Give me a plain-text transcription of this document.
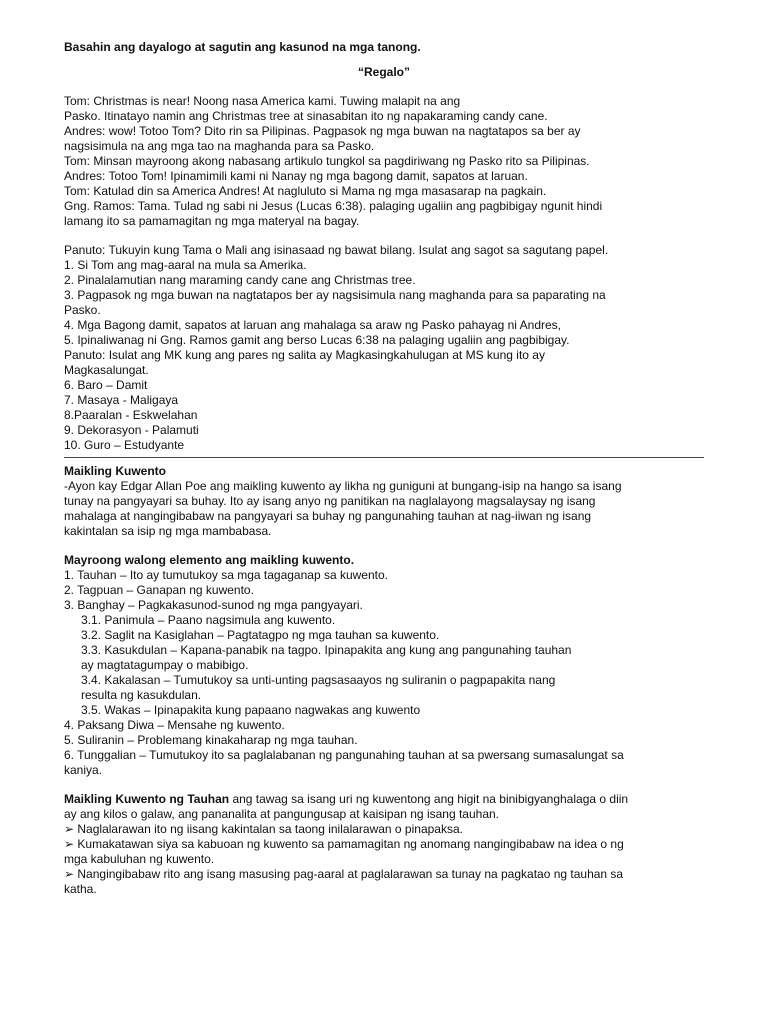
Basahin ang dayalogo at sagutin ang kasunod na mga tanong.
“Regalo”
Tom: Christmas is near! Noong nasa America kami. Tuwing malapit na ang
Pasko. Itinatayo namin ang Christmas tree at sinasabitan ito ng napakaraming candy cane.
Andres: wow! Totoo Tom? Dito rin sa Pilipinas. Pagpasok ng mga buwan na nagtatapos sa ber ay
nagsisimula na ang mga tao na maghanda para sa Pasko.
Tom: Minsan mayroong akong nabasang artikulo tungkol sa pagdiriwang ng Pasko rito sa Pilipinas.
Andres: Totoo Tom! Ipinamimili kami ni Nanay ng mga bagong damit, sapatos at laruan.
Tom: Katulad din sa America Andres! At nagluluto si Mama ng mga masasarap na pagkain.
Gng. Ramos: Tama. Tulad ng sabi ni Jesus (Lucas 6:38). palaging ugaliin ang pagbibigay ngunit hindi
lamang ito sa pamamagitan ng mga materyal na bagay.
Panuto: Tukuyin kung Tama o Mali ang isinasaad ng bawat bilang. Isulat ang sagot sa sagutang papel.
1. Si Tom ang mag-aaral na mula sa Amerika.
2. Pinalalamutian nang maraming candy cane ang Christmas tree.
3. Pagpasok ng mga buwan na nagtatapos ber ay nagsisimula nang maghanda para sa paparating na
Pasko.
4. Mga Bagong damit, sapatos at laruan ang mahalaga sa araw ng Pasko pahayag ni Andres,
5. Ipinaliwanag ni Gng. Ramos gamit ang berso Lucas 6:38 na palaging ugaliin ang pagbibigay.
Panuto: Isulat ang MK kung ang pares ng salita ay Magkasingkahulugan at MS kung ito ay
Magkasalungat.
6. Baro – Damit
7. Masaya - Maligaya
8.Paaralan - Eskwelahan
9. Dekorasyon - Palamuti
10. Guro – Estudyante
Maikling Kuwento
-Ayon kay Edgar Allan Poe ang maikling kuwento ay likha ng guniguni at bungang-isip na hango sa isang
tunay na pangyayari sa buhay. Ito ay isang anyo ng panitikan na naglalayong magsalaysay ng isang
mahalaga at nangingibabaw na pangyayari sa buhay ng pangunahing tauhan at nag-iiwan ng isang
kakintalan sa isip ng mga mambabasa.
Mayroong walong elemento ang maikling kuwento.
1. Tauhan – Ito ay tumutukoy sa mga tagaganap sa kuwento.
2. Tagpuan – Ganapan ng kuwento.
3. Banghay – Pagkakasunod-sunod ng mga pangyayari.
3.1. Panimula – Paano nagsimula ang kuwento.
3.2. Saglit na Kasiglahan – Pagtatagpo ng mga tauhan sa kuwento.
3.3. Kasukdulan – Kapana-panabik na tagpo. Ipinapakita ang kung ang pangunahing tauhan
ay magtatagumpay o mabibigo.
3.4. Kakalasan – Tumutukoy sa unti-unting pagsasaayos ng suliranin o pagpapakita nang
resulta ng kasukdulan.
3.5. Wakas – Ipinapakita kung papaano nagwakas ang kuwento
4. Paksang Diwa – Mensahe ng kuwento.
5. Suliranin – Problemang kinakaharap ng mga tauhan.
6. Tunggalian – Tumutukoy ito sa paglalabanan ng pangunahing tauhan at sa pwersang sumasalungat sa
kaniya.
Maikling Kuwento ng Tauhan ang tawag sa isang uri ng kuwentong ang higit na binibigyanghalaga o diin
ay ang kilos o galaw, ang pananalita at pangungusap at kaisipan ng isang tauhan.
➢ Naglalarawan ito ng iisang kakintalan sa taong inilalarawan o pinapaksa.
➢ Kumakatawan siya sa kabuoan ng kuwento sa pamamagitan ng anomang nangingibabaw na idea o ng
mga kabuluhan ng kuwento.
➢ Nangingibabaw rito ang isang masusing pag-aaral at paglalarawan sa tunay na pagkatao ng tauhan sa
katha.
